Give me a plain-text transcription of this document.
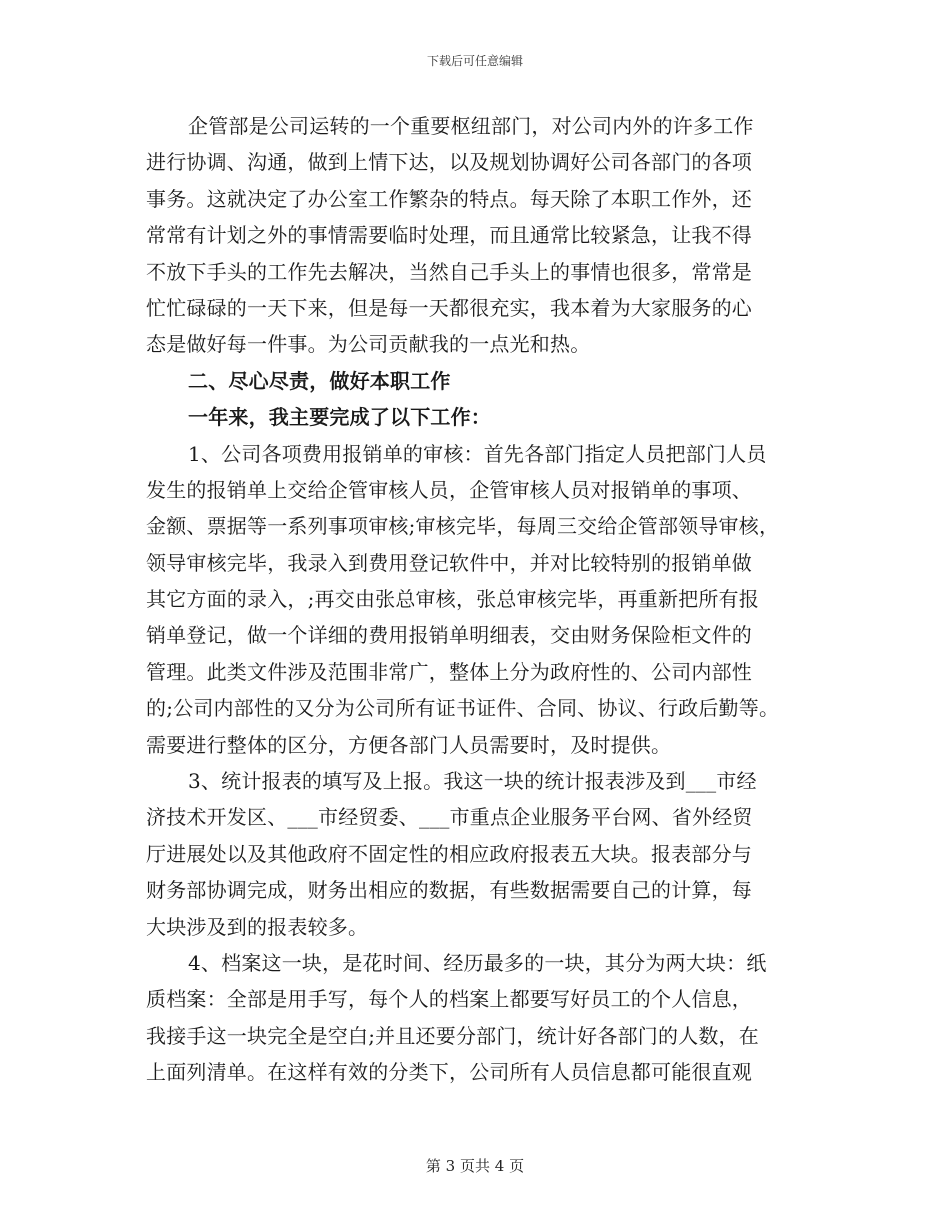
下载后可任意编辑
企管部是公司运转的一个重要枢纽部门，对公司内外的许多工作
进行协调、沟通，做到上情下达，以及规划协调好公司各部门的各项
事务。这就决定了办公室工作繁杂的特点。每天除了本职工作外，还
常常有计划之外的事情需要临时处理，而且通常比较紧急，让我不得
不放下手头的工作先去解决，当然自己手头上的事情也很多，常常是
忙忙碌碌的一天下来，但是每一天都很充实，我本着为大家服务的心
态是做好每一件事。为公司贡献我的一点光和热。
二、尽心尽责，做好本职工作
一年来，我主要完成了以下工作：
1、公司各项费用报销单的审核：首先各部门指定人员把部门人员
发生的报销单上交给企管审核人员，企管审核人员对报销单的事项、
金额、票据等一系列事项审核;审核完毕，每周三交给企管部领导审核，
领导审核完毕，我录入到费用登记软件中，并对比较特别的报销单做
其它方面的录入，;再交由张总审核，张总审核完毕，再重新把所有报
销单登记，做一个详细的费用报销单明细表，交由财务保险柜文件的
管理。此类文件涉及范围非常广，整体上分为政府性的、公司内部性
的;公司内部性的又分为公司所有证书证件、合同、协议、行政后勤等。
需要进行整体的区分，方便各部门人员需要时，及时提供。
3、统计报表的填写及上报。我这一块的统计报表涉及到___市经
济技术开发区、___市经贸委、___市重点企业服务平台网、省外经贸
厅进展处以及其他政府不固定性的相应政府报表五大块。报表部分与
财务部协调完成，财务出相应的数据，有些数据需要自己的计算，每
大块涉及到的报表较多。
4、档案这一块，是花时间、经历最多的一块，其分为两大块：纸
质档案：全部是用手写，每个人的档案上都要写好员工的个人信息，
我接手这一块完全是空白;并且还要分部门，统计好各部门的人数，在
上面列清单。在这样有效的分类下，公司所有人员信息都可能很直观
第 3 页共 4 页
